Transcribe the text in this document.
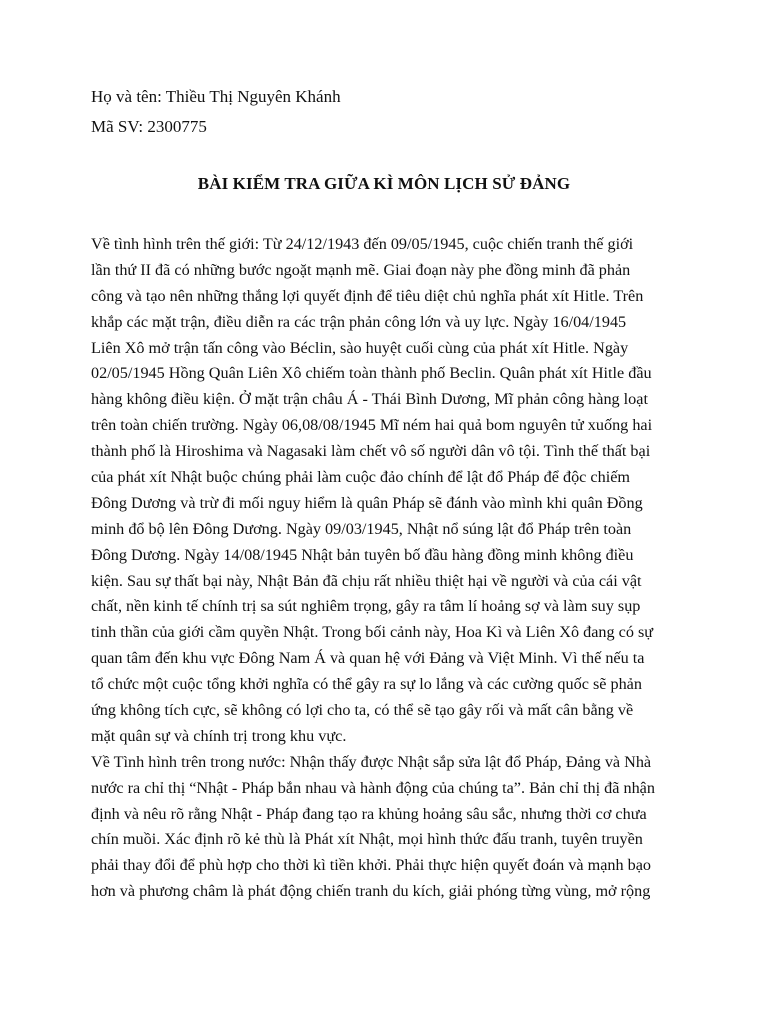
Họ và tên: Thiều Thị Nguyên Khánh
Mã SV: 2300775
BÀI KIỂM TRA GIỮA KÌ MÔN LỊCH SỬ ĐẢNG
Về tình hình trên thế giới: Từ 24/12/1943 đến 09/05/1945, cuộc chiến tranh thế giới
lần thứ II đã có những bước ngoặt mạnh mẽ. Giai đoạn này phe đồng minh đã phản
công và tạo nên những thắng lợi quyết định để tiêu diệt chủ nghĩa phát xít Hitle. Trên
khắp các mặt trận, điều diễn ra các trận phản công lớn và uy lực. Ngày 16/04/1945
Liên Xô mở trận tấn công vào Béclin, sào huyệt cuối cùng của phát xít Hitle. Ngày
02/05/1945 Hồng Quân Liên Xô chiếm toàn thành phố Beclin. Quân phát xít Hitle đầu
hàng không điều kiện. Ở mặt trận châu Á - Thái Bình Dương, Mĩ phản công hàng loạt
trên toàn chiến trường. Ngày 06,08/08/1945 Mĩ ném hai quả bom nguyên tử xuống hai
thành phố là Hiroshima và Nagasaki làm chết vô số người dân vô tội. Tình thế thất bại
của phát xít Nhật buộc chúng phải làm cuộc đảo chính để lật đổ Pháp để độc chiếm
Đông Dương và trừ đi mối nguy hiểm là quân Pháp sẽ đánh vào mình khi quân Đồng
minh đổ bộ lên Đông Dương. Ngày 09/03/1945, Nhật nổ súng lật đổ Pháp trên toàn
Đông Dương. Ngày 14/08/1945 Nhật bản tuyên bố đầu hàng đồng minh không điều
kiện. Sau sự thất bại này, Nhật Bản đã chịu rất nhiều thiệt hại về người và của cái vật
chất, nền kinh tế chính trị sa sút nghiêm trọng, gây ra tâm lí hoảng sợ và làm suy sụp
tinh thần của giới cầm quyền Nhật. Trong bối cảnh này, Hoa Kì và Liên Xô đang có sự
quan tâm đến khu vực Đông Nam Á và quan hệ với Đảng và Việt Minh. Vì thế nếu ta
tổ chức một cuộc tổng khởi nghĩa có thể gây ra sự lo lắng và các cường quốc sẽ phản
ứng không tích cực, sẽ không có lợi cho ta, có thể sẽ tạo gây rối và mất cân bằng về
mặt quân sự và chính trị trong khu vực.
Về Tình hình trên trong nước: Nhận thấy được Nhật sắp sửa lật đổ Pháp, Đảng và Nhà
nước ra chỉ thị “Nhật - Pháp bắn nhau và hành động của chúng ta”. Bản chỉ thị đã nhận
định và nêu rõ rằng Nhật - Pháp đang tạo ra khủng hoảng sâu sắc, nhưng thời cơ chưa
chín muồi. Xác định rõ kẻ thù là Phát xít Nhật, mọi hình thức đấu tranh, tuyên truyền
phải thay đổi để phù hợp cho thời kì tiền khởi. Phải thực hiện quyết đoán và mạnh bạo
hơn và phương châm là phát động chiến tranh du kích, giải phóng từng vùng, mở rộng
